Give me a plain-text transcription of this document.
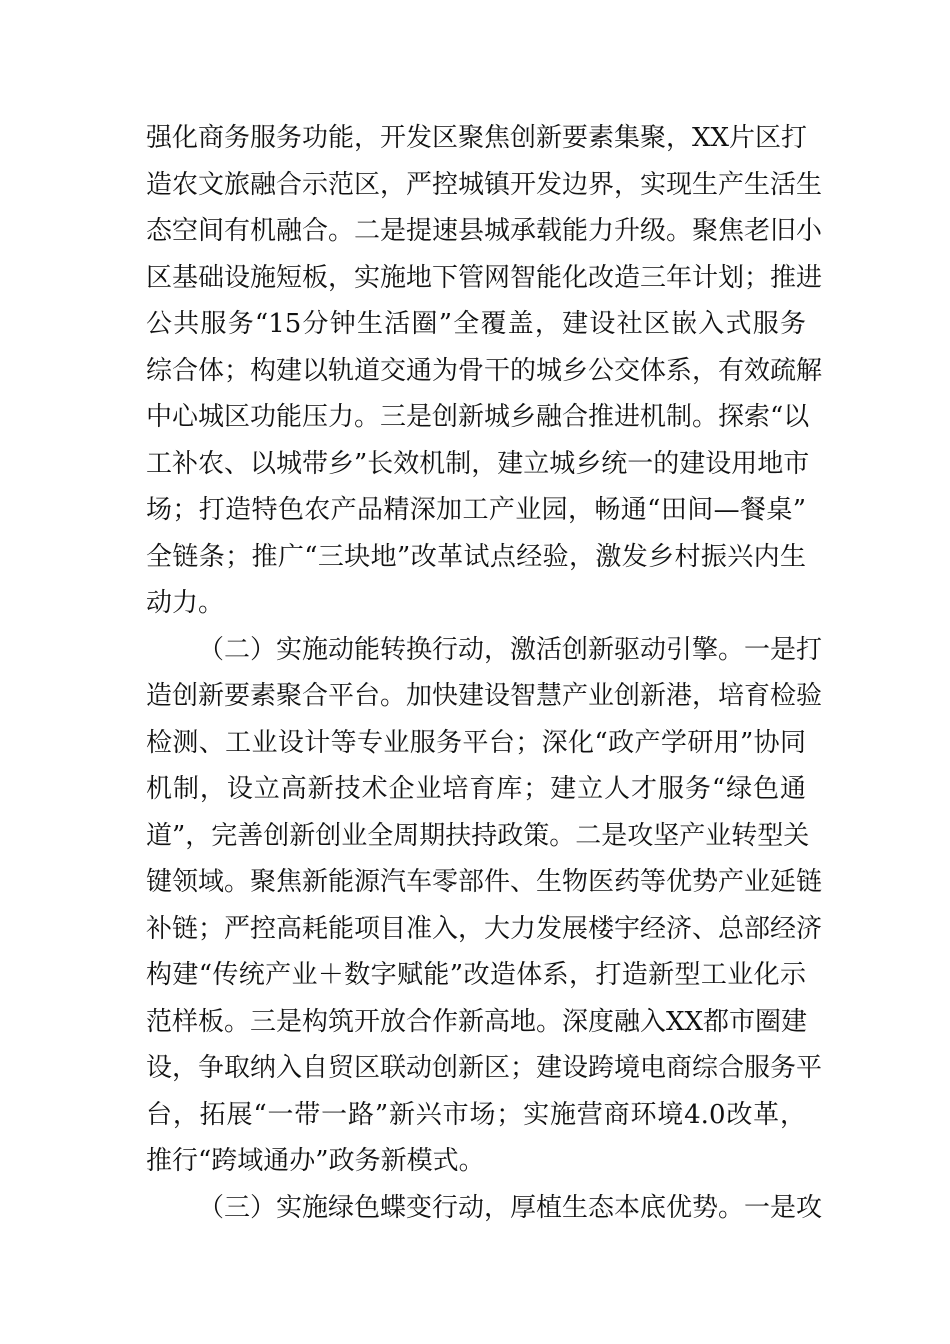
强化商务服务功能，开发区聚焦创新要素集聚，XX片区打
造农文旅融合示范区，严控城镇开发边界，实现生产生活生
态空间有机融合。二是提速县城承载能力升级。聚焦老旧小
区基础设施短板，实施地下管网智能化改造三年计划；推进
公共服务“15分钟生活圈”全覆盖，建设社区嵌入式服务
综合体；构建以轨道交通为骨干的城乡公交体系，有效疏解
中心城区功能压力。三是创新城乡融合推进机制。探索“以
工补农、以城带乡”长效机制，建立城乡统一的建设用地市
场；打造特色农产品精深加工产业园，畅通“田间—餐桌”
全链条；推广“三块地”改革试点经验，激发乡村振兴内生
动力。
（二）实施动能转换行动，激活创新驱动引擎。一是打
造创新要素聚合平台。加快建设智慧产业创新港，培育检验
检测、工业设计等专业服务平台；深化“政产学研用”协同
机制，设立高新技术企业培育库；建立人才服务“绿色通
道”，完善创新创业全周期扶持政策。二是攻坚产业转型关
键领域。聚焦新能源汽车零部件、生物医药等优势产业延链
补链；严控高耗能项目准入，大力发展楼宇经济、总部经济
构建“传统产业＋数字赋能”改造体系，打造新型工业化示
范样板。三是构筑开放合作新高地。深度融入XX都市圈建
设，争取纳入自贸区联动创新区；建设跨境电商综合服务平
台，拓展“一带一路”新兴市场；实施营商环境4.0改革，
推行“跨域通办”政务新模式。
（三）实施绿色蝶变行动，厚植生态本底优势。一是攻
